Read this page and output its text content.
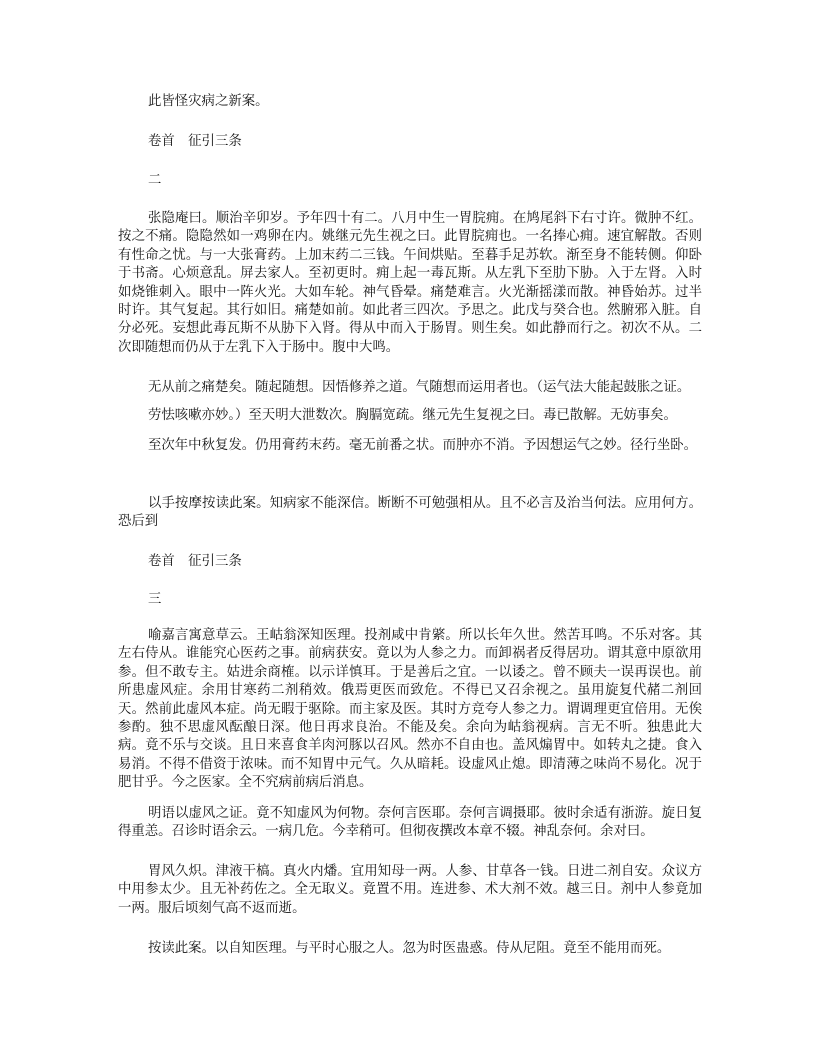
此皆怪灾病之新案。

卷首　征引三条

二

张隐庵曰。顺治辛卯岁。予年四十有二。八月中生一胃脘痈。在鸠尾斜下右寸许。微肿不红。按之不痛。隐隐然如一鸡卵在内。姚继元先生视之曰。此胃脘痈也。一名捧心痈。速宜解散。否则有性命之忧。与一大张膏药。上加末药二三钱。午间烘贴。至暮手足苏软。渐至身不能转侧。仰卧于书斋。心烦意乱。屏去家人。至初更时。痈上起一毒瓦斯。从左乳下至肋下胁。入于左肾。入时如烧锥刺入。眼中一阵火光。大如车轮。神气昏晕。痛楚难言。火光渐摇漾而散。神昏始苏。过半时许。其气复起。其行如旧。痛楚如前。如此者三四次。予思之。此戊与癸合也。然腑邪入脏。自分必死。妄想此毒瓦斯不从胁下入肾。得从中而入于肠胃。则生矣。如此静而行之。初次不从。二次即随想而仍从于左乳下入于肠中。腹中大鸣。

无从前之痛楚矣。随起随想。因悟修养之道。气随想而运用者也。（运气法大能起鼓胀之证。

劳怯咳嗽亦妙。）至天明大泄数次。胸膈宽疏。继元先生复视之曰。毒已散解。无妨事矣。

至次年中秋复发。仍用膏药末药。毫无前番之状。而肿亦不消。予因想运气之妙。径行坐卧。

以手按摩按读此案。知病家不能深信。断断不可勉强相从。且不必言及治当何法。应用何方。恐后到

卷首　征引三条

三

喻嘉言寓意草云。王岵翁深知医理。投剂咸中肯綮。所以长年久世。然苦耳鸣。不乐对客。其左右侍从。谁能究心医药之事。前病获安。竟以为人参之力。而卸祸者反得居功。谓其意中原欲用参。但不敢专主。姑进余商榷。以示详慎耳。于是善后之宜。一以诿之。曾不顾夫一误再误也。前所患虚风症。余用甘寒药二剂稍效。俄焉更医而致危。不得已又召余视之。虽用旋复代赭二剂回天。然前此虚风本症。尚无暇于驱除。而主家及医。其时方竞夸人参之力。谓调理更宜倍用。无俟参酌。独不思虚风酝酿日深。他日再求良治。不能及矣。余向为岵翁视病。言无不听。独患此大病。竟不乐与交谈。且日来喜食羊肉河豚以召风。然亦不自由也。盖风煽胃中。如转丸之捷。食入易消。不得不借资于浓味。而不知胃中元气。久从暗耗。设虚风止熄。即清薄之味尚不易化。况于肥甘乎。今之医家。全不究病前病后消息。

明语以虚风之证。竟不知虚风为何物。奈何言医耶。奈何言调摄耶。彼时余适有浙游。旋日复得重恙。召诊时语余云。一病几危。今幸稍可。但彻夜撰改本章不辍。神乱奈何。余对曰。

胃风久炽。津液干槁。真火内燔。宜用知母一两。人参、甘草各一钱。日进二剂自安。众议方中用参太少。且无补药佐之。全无取义。竟置不用。连进参、术大剂不效。越三日。剂中人参竟加一两。服后顷刻气高不返而逝。

按读此案。以自知医理。与平时心服之人。忽为时医蛊惑。侍从尼阻。竟至不能用而死。
